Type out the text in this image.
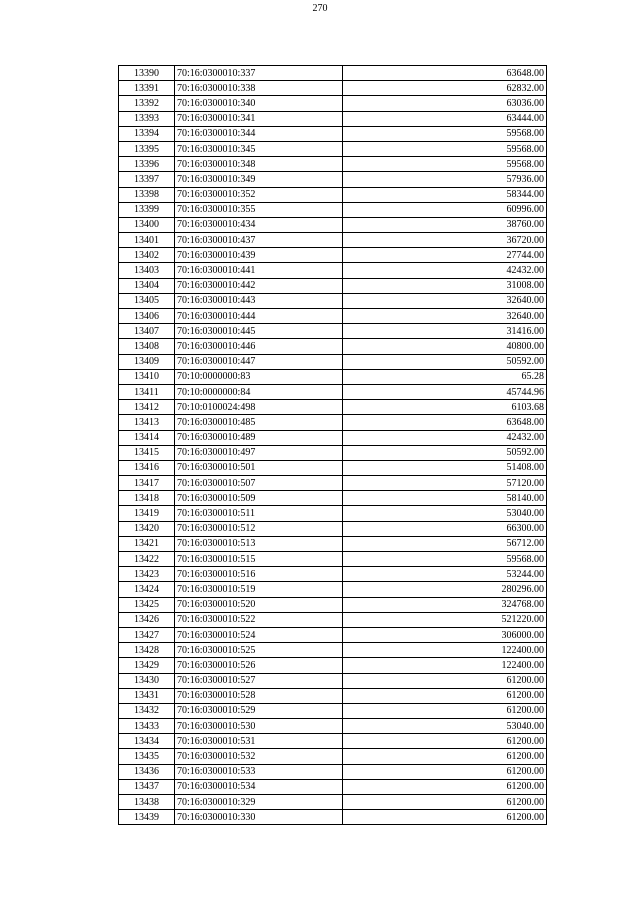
270
13390	70:16:0300010:337	63648.00
13391	70:16:0300010:338	62832.00
13392	70:16:0300010:340	63036.00
13393	70:16:0300010:341	63444.00
13394	70:16:0300010:344	59568.00
13395	70:16:0300010:345	59568.00
13396	70:16:0300010:348	59568.00
13397	70:16:0300010:349	57936.00
13398	70:16:0300010:352	58344.00
13399	70:16:0300010:355	60996.00
13400	70:16:0300010:434	38760.00
13401	70:16:0300010:437	36720.00
13402	70:16:0300010:439	27744.00
13403	70:16:0300010:441	42432.00
13404	70:16:0300010:442	31008.00
13405	70:16:0300010:443	32640.00
13406	70:16:0300010:444	32640.00
13407	70:16:0300010:445	31416.00
13408	70:16:0300010:446	40800.00
13409	70:16:0300010:447	50592.00
13410	70:10:0000000:83	65.28
13411	70:10:0000000:84	45744.96
13412	70:10:0100024:498	6103.68
13413	70:16:0300010:485	63648.00
13414	70:16:0300010:489	42432.00
13415	70:16:0300010:497	50592.00
13416	70:16:0300010:501	51408.00
13417	70:16:0300010:507	57120.00
13418	70:16:0300010:509	58140.00
13419	70:16:0300010:511	53040.00
13420	70:16:0300010:512	66300.00
13421	70:16:0300010:513	56712.00
13422	70:16:0300010:515	59568.00
13423	70:16:0300010:516	53244.00
13424	70:16:0300010:519	280296.00
13425	70:16:0300010:520	324768.00
13426	70:16:0300010:522	521220.00
13427	70:16:0300010:524	306000.00
13428	70:16:0300010:525	122400.00
13429	70:16:0300010:526	122400.00
13430	70:16:0300010:527	61200.00
13431	70:16:0300010:528	61200.00
13432	70:16:0300010:529	61200.00
13433	70:16:0300010:530	53040.00
13434	70:16:0300010:531	61200.00
13435	70:16:0300010:532	61200.00
13436	70:16:0300010:533	61200.00
13437	70:16:0300010:534	61200.00
13438	70:16:0300010:329	61200.00
13439	70:16:0300010:330	61200.00
